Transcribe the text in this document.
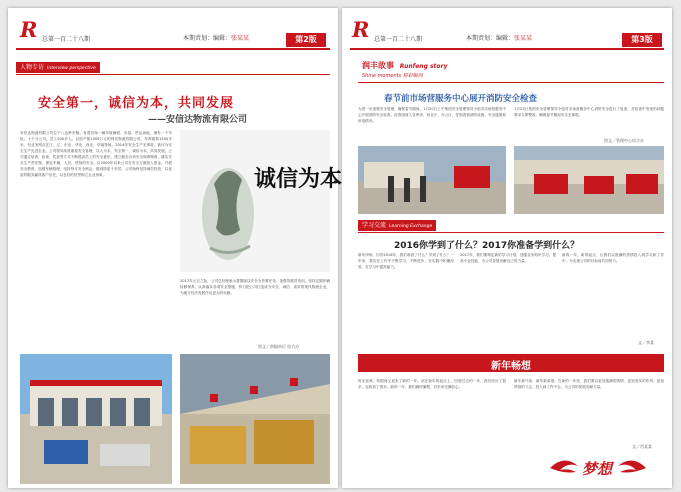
R 总第一百二十八期	本期责划：编辑：张某某	第2版
人物专访 Interview perspective
安全第一，诚信为本，共同发展
——安信达物流有限公司
安信达物流有限公司位于八达岭东侧。有着初始一辆车数辆面、房屋、货运场地，拥有一个车队。十个分公司，员工200多人。目前产值1500万元的现代物流有限公司，车库面积1500平米，有业务网点在江、辽、东北、华北、西北、华南等地，2014年安全生产无事故，被评为安全生产先进企业。公司领导高度重视安全管理，以人为本，安全第一，诚信为本，共同发展。公司通过培训、检查、奖惩等方式不断提高员工的安全意识，建立健全各项安全规章制度，落实安全生产责任制，保证车辆、人员、货物的安全。自2009年以来公司在安全方面投入资金，开展安全教育，加强车辆管理，坚持每月安全例会，做到防患于未然。公司始终坚持诚信经营，以优质的服务赢得客户信任，以良好的信誉树立企业形象。	诚信为本
2017年元旦之际，公司总经理表示将继续以安全为首要任务，加强驾驶员培训，坚持定期车辆检修保养，认真落实各项安全措施，努力把公司打造成为安全、诚信、高效的现代物流企业，为地方经济发展作出更大的贡献。
图文／供稿单位 综合办
R 总第一百二十八期	本期责划：编辑：张某某	第3版
润丰故事 Runfeng story
Shine moments 精彩瞬间
春节前市场营服务中心展开消防安全检查
为进一步加强安全管理，确保春节期间，1月20日上午集团安全管理领导小组对市场营服务中心开展消防安全检查，检查组深入各库房、营业厅、办公区，仔细查看消防设施、安全通道和用电情况。
1月23日集团安全管理领导小组对市场营服务中心消防安全进行了复查，对检查中发现的问题要求立即整改，确保春节期间安全无事故。
图文／管理中心综合办
学习交流 Learning Exchange
2016你学到了什么？2017你准备学到什么？
新年伊始，回首2016年，我们收获了什么？学到了什么？一年来，我们在工作中不断学习、不断进步，在实践中积累经验，在学习中提高能力。
2017年，我们要制定新的学习计划，加强业务知识学习，提高专业技能，为公司发展贡献自己的力量。
新的一年，新的起点，让我们以饱满的热情投入到学习和工作中，为实现公司的目标而共同努力。
文／李某
新年畅想
时光荏苒，转眼间又迎来了新的一年。站在新年的起点上，回望过去的一年，我们经历了很多，也收获了很多。新的一年，我们满怀憧憬，对未来充满信心。
新年新气象，新年新希望。在新的一年里，我们要以更加饱满的热情、更加务实的作风、更加昂扬的斗志，投入到工作中去，为公司的发展贡献力量。
文／肖某某
梦想
